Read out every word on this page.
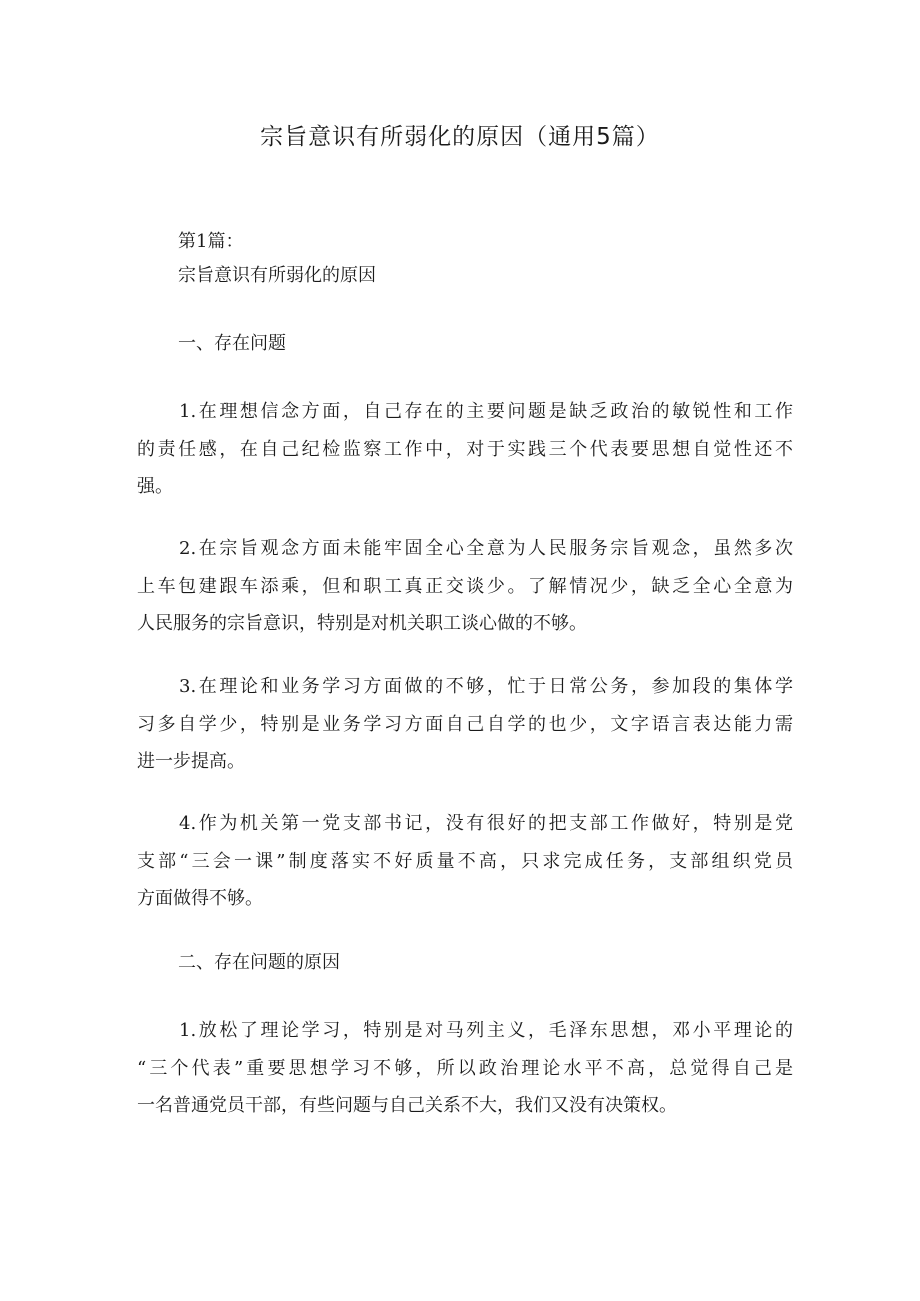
宗旨意识有所弱化的原因（通用5篇）

第1篇：

宗旨意识有所弱化的原因

一、存在问题

1.在理想信念方面，自己存在的主要问题是缺乏政治的敏锐性和工作
的责任感，在自己纪检监察工作中，对于实践三个代表要思想自觉性还不
强。
2.在宗旨观念方面未能牢固全心全意为人民服务宗旨观念，虽然多次
上车包建跟车添乘，但和职工真正交谈少。了解情况少，缺乏全心全意为
人民服务的宗旨意识，特别是对机关职工谈心做的不够。
3.在理论和业务学习方面做的不够，忙于日常公务，参加段的集体学
习多自学少，特别是业务学习方面自己自学的也少，文字语言表达能力需
进一步提高。
4.作为机关第一党支部书记，没有很好的把支部工作做好，特别是党
支部“三会一课”制度落实不好质量不高，只求完成任务，支部组织党员
方面做得不够。

二、存在问题的原因

1.放松了理论学习，特别是对马列主义，毛泽东思想，邓小平理论的
“三个代表”重要思想学习不够，所以政治理论水平不高，总觉得自己是
一名普通党员干部，有些问题与自己关系不大，我们又没有决策权。
